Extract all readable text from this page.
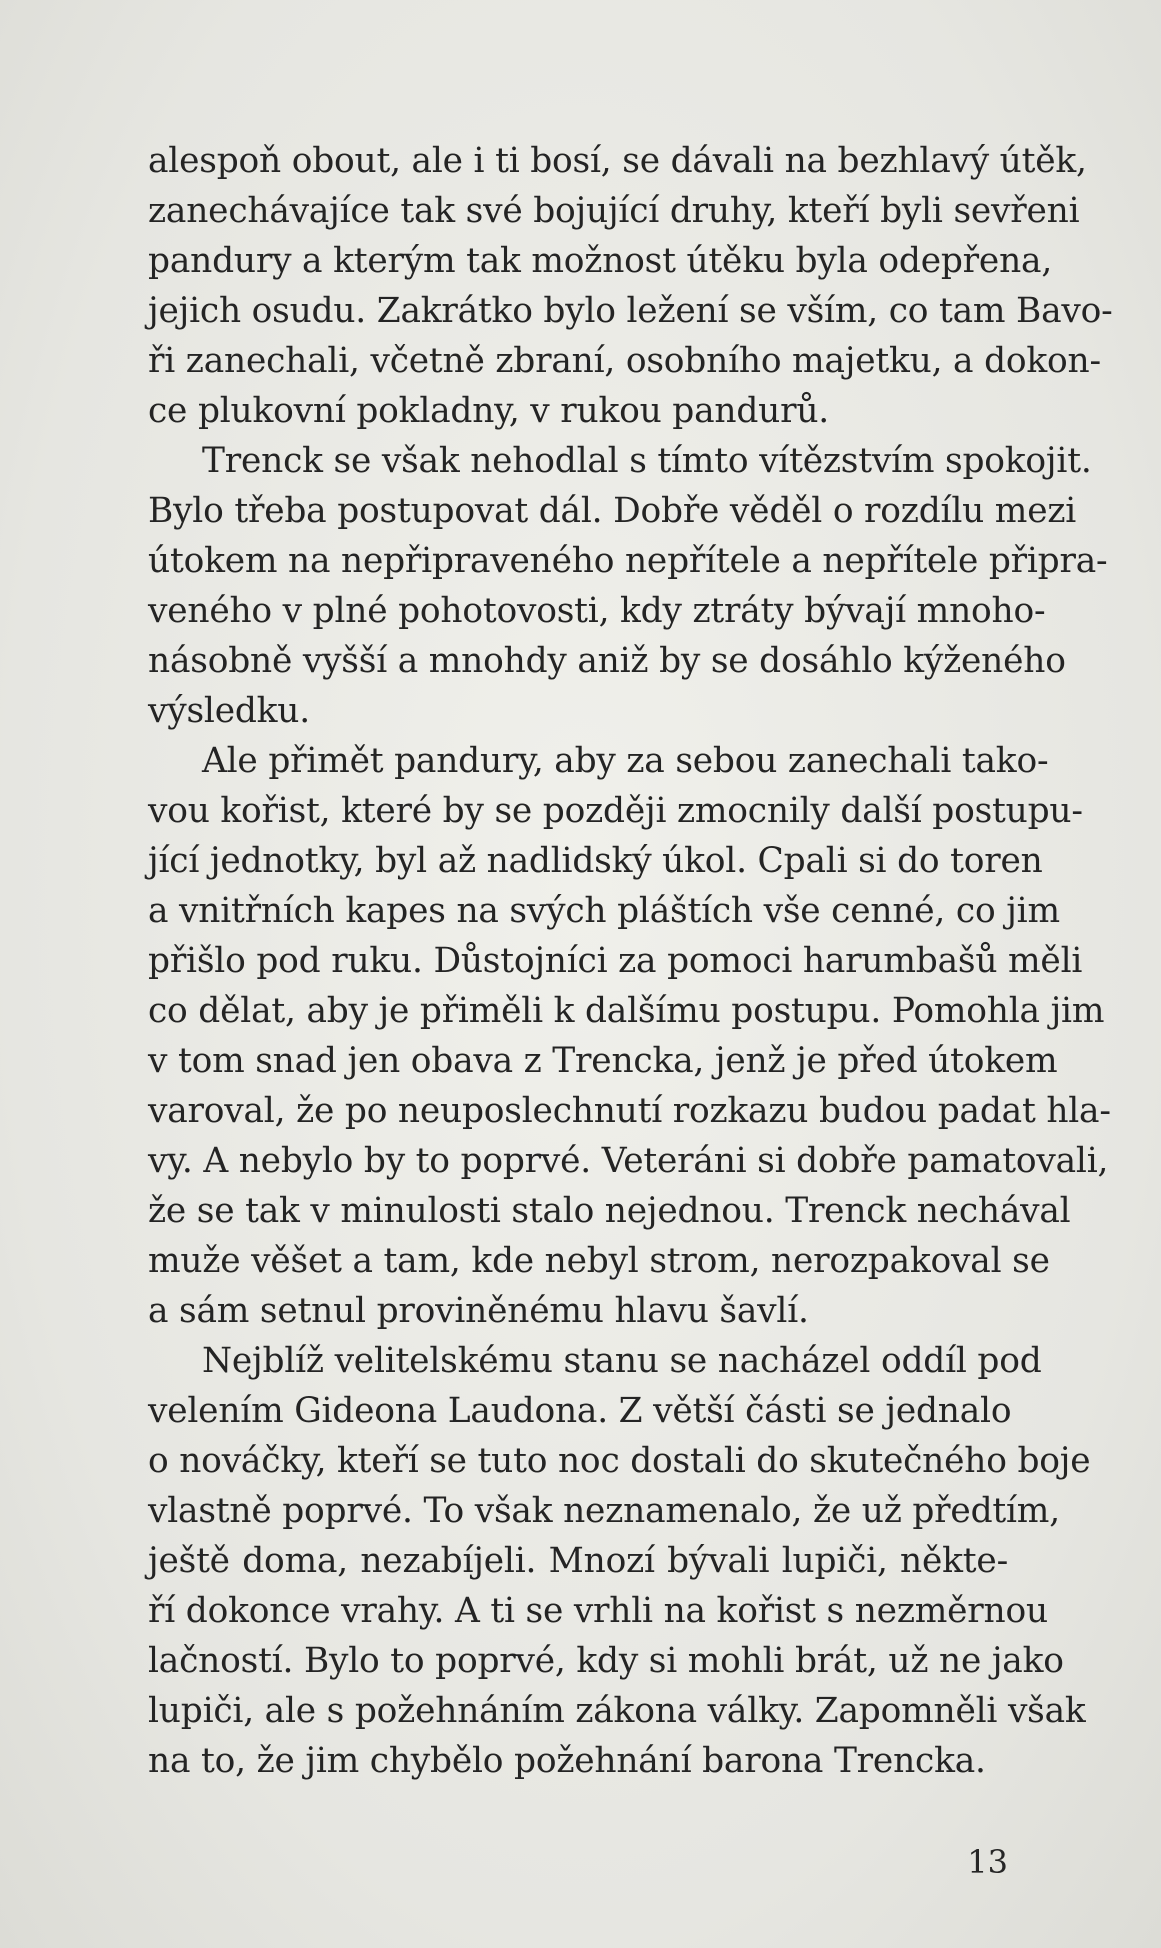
alespoň obout, ale i ti bosí, se dávali na bezhlavý útěk,
zanechávajíce tak své bojující druhy, kteří byli sevřeni
pandury a kterým tak možnost útěku byla odepřena,
jejich osudu. Zakrátko bylo ležení se vším, co tam Bavo-
ři zanechali, včetně zbraní, osobního majetku, a dokon-
ce plukovní pokladny, v rukou pandurů.
Trenck se však nehodlal s tímto vítězstvím spokojit.
Bylo třeba postupovat dál. Dobře věděl o rozdílu mezi
útokem na nepřipraveného nepřítele a nepřítele připra-
veného v plné pohotovosti, kdy ztráty bývají mnoho-
násobně vyšší a mnohdy aniž by se dosáhlo kýženého
výsledku.
Ale přimět pandury, aby za sebou zanechali tako-
vou kořist, které by se později zmocnily další postupu-
jící jednotky, byl až nadlidský úkol. Cpali si do toren
a vnitřních kapes na svých pláštích vše cenné, co jim
přišlo pod ruku. Důstojníci za pomoci harumbašů měli
co dělat, aby je přiměli k dalšímu postupu. Pomohla jim
v tom snad jen obava z Trencka, jenž je před útokem
varoval, že po neuposlechnutí rozkazu budou padat hla-
vy. A nebylo by to poprvé. Veteráni si dobře pamatovali,
že se tak v minulosti stalo nejednou. Trenck nechával
muže věšet a tam, kde nebyl strom, nerozpakoval se
a sám setnul proviněnému hlavu šavlí.
Nejblíž velitelskému stanu se nacházel oddíl pod
velením Gideona Laudona. Z větší části se jednalo
o nováčky, kteří se tuto noc dostali do skutečného boje
vlastně poprvé. To však neznamenalo, že už předtím,
ještě doma, nezabíjeli. Mnozí bývali lupiči, někte-
ří dokonce vrahy. A ti se vrhli na kořist s nezměrnou
lačností. Bylo to poprvé, kdy si mohli brát, už ne jako
lupiči, ale s požehnáním zákona války. Zapomněli však
na to, že jim chybělo požehnání barona Trencka.
13
